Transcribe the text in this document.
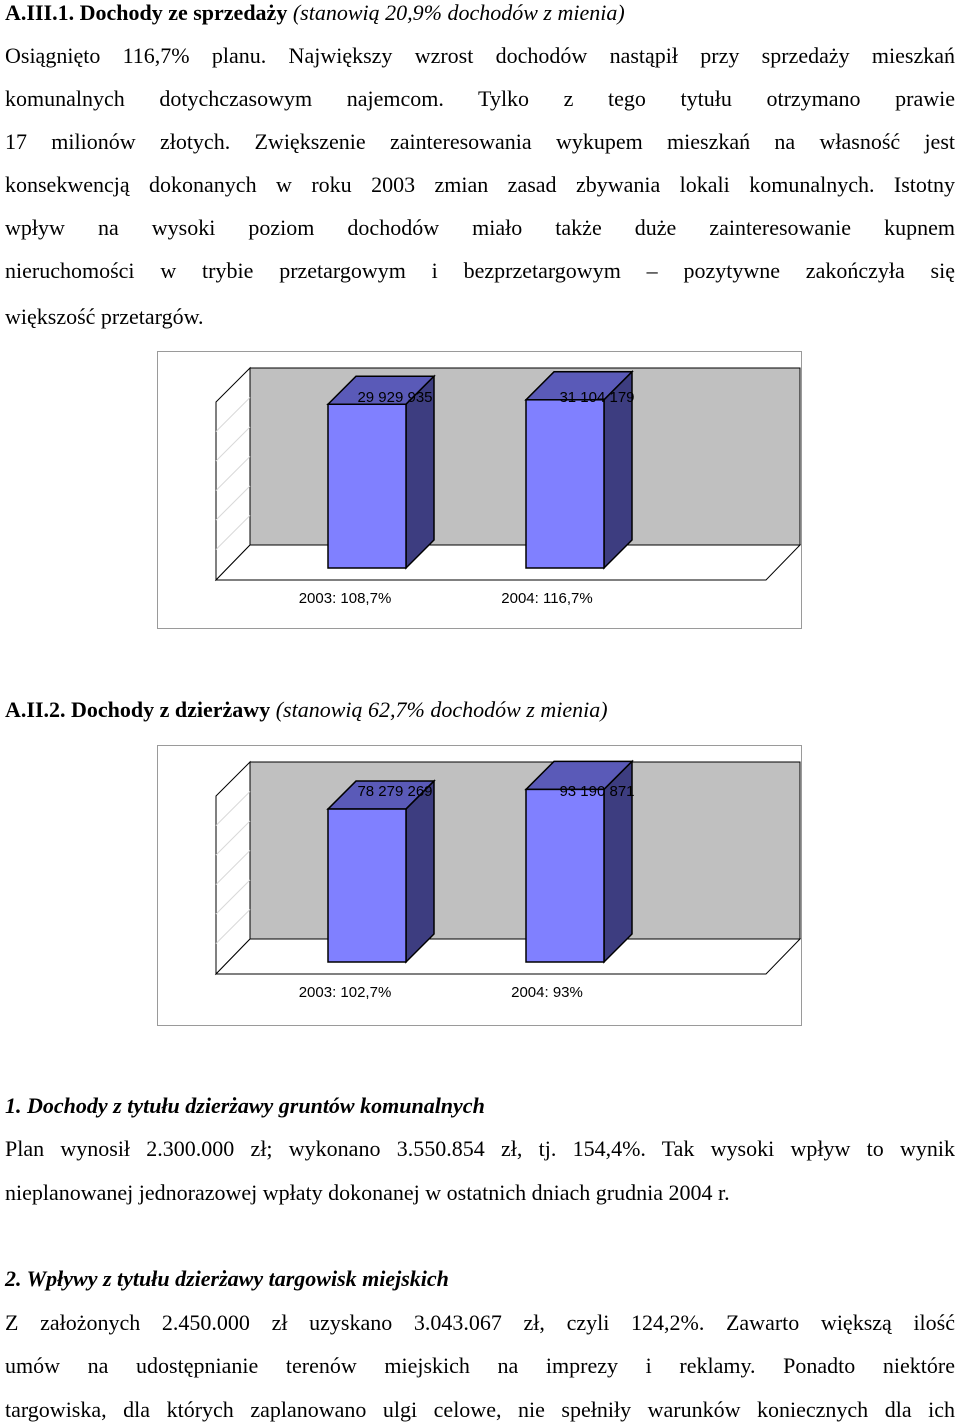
A.III.1. Dochody ze sprzedaży (stanowią 20,9% dochodów z mienia)
Osiągnięto 116,7% planu. Największy wzrost dochodów nastąpił przy sprzedaży mieszkań
komunalnych dotychczasowym najemcom. Tylko z tego tytułu otrzymano prawie
17 milionów złotych. Zwiększenie zainteresowania wykupem mieszkań na własność jest
konsekwencją dokonanych w roku 2003 zmian zasad zbywania lokali komunalnych. Istotny
wpływ na wysoki poziom dochodów miało także duże zainteresowanie kupnem
nieruchomości w trybie przetargowym i bezprzetargowym – pozytywne zakończyła się
większość przetargów.
29 929 935
2003: 108,7%
31 104 179
2004: 116,7%
A.II.2. Dochody z dzierżawy (stanowią 62,7% dochodów z mienia)
78 279 269
2003: 102,7%
93 190 871
2004: 93%
1. Dochody z tytułu dzierżawy gruntów komunalnych
Plan wynosił 2.300.000 zł; wykonano 3.550.854 zł, tj. 154,4%. Tak wysoki wpływ to wynik
nieplanowanej jednorazowej wpłaty dokonanej w ostatnich dniach grudnia 2004 r.
2. Wpływy z tytułu dzierżawy targowisk miejskich
Z założonych 2.450.000 zł uzyskano 3.043.067 zł, czyli 124,2%. Zawarto większą ilość
umów na udostępnianie terenów miejskich na imprezy i reklamy. Ponadto niektóre
targowiska, dla których zaplanowano ulgi celowe, nie spełniły warunków koniecznych dla ich
